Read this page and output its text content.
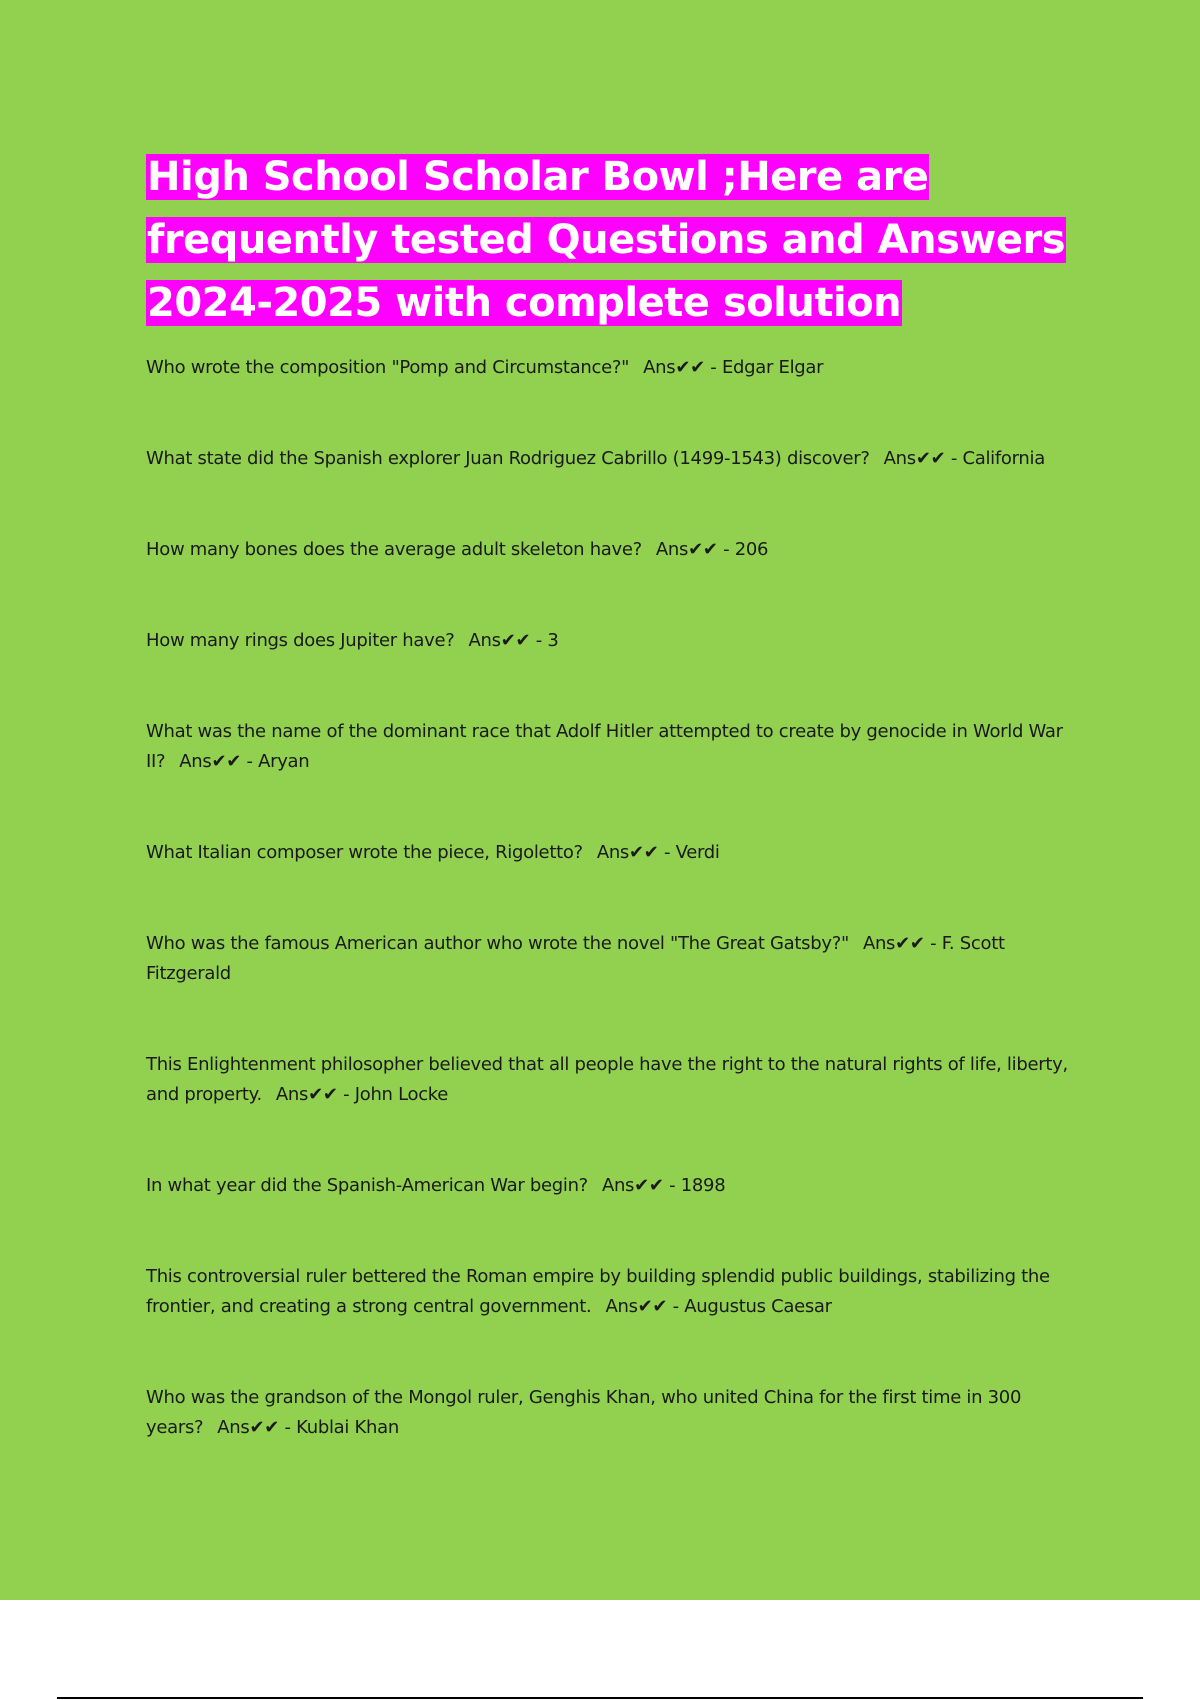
High School Scholar Bowl ;Here are frequently tested Questions and Answers 2024-2025 with complete solution

Who wrote the composition "Pomp and Circumstance?" Ans✔✔ - Edgar Elgar

What state did the Spanish explorer Juan Rodriguez Cabrillo (1499-1543) discover? Ans✔✔ - California

How many bones does the average adult skeleton have? Ans✔✔ - 206

How many rings does Jupiter have? Ans✔✔ - 3

What was the name of the dominant race that Adolf Hitler attempted to create by genocide in World War II? Ans✔✔ - Aryan

What Italian composer wrote the piece, Rigoletto? Ans✔✔ - Verdi

Who was the famous American author who wrote the novel "The Great Gatsby?" Ans✔✔ - F. Scott Fitzgerald

This Enlightenment philosopher believed that all people have the right to the natural rights of life, liberty, and property. Ans✔✔ - John Locke

In what year did the Spanish-American War begin? Ans✔✔ - 1898

This controversial ruler bettered the Roman empire by building splendid public buildings, stabilizing the frontier, and creating a strong central government. Ans✔✔ - Augustus Caesar

Who was the grandson of the Mongol ruler, Genghis Khan, who united China for the first time in 300 years? Ans✔✔ - Kublai Khan
